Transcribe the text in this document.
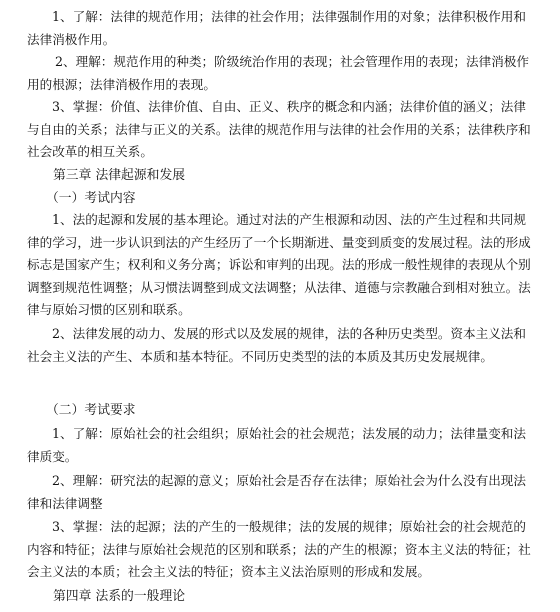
1、了解：法律的规范作用；法律的社会作用；法律强制作用的对象；法律积极作用和法律消极作用。

2、理解：规范作用的种类；阶级统治作用的表现；社会管理作用的表现；法律消极作用的根源；法律消极作用的表现。

3、掌握：价值、法律价值、自由、正义、秩序的概念和内涵；法律价值的涵义；法律与自由的关系；法律与正义的关系。法律的规范作用与法律的社会作用的关系；法律秩序和社会改革的相互关系。

第三章 法律起源和发展
（一）考试内容

1、法的起源和发展的基本理论。通过对法的产生根源和动因、法的产生过程和共同规律的学习，进一步认识到法的产生经历了一个长期渐进、量变到质变的发展过程。法的形成标志是国家产生；权利和义务分离；诉讼和审判的出现。法的形成一般性规律的表现从个别调整到规范性调整；从习惯法调整到成文法调整；从法律、道德与宗教融合到相对独立。法律与原始习惯的区别和联系。

2、法律发展的动力、发展的形式以及发展的规律，法的各种历史类型。资本主义法和社会主义法的产生、本质和基本特征。不同历史类型的法的本质及其历史发展规律。

（二）考试要求

1、了解：原始社会的社会组织；原始社会的社会规范；法发展的动力；法律量变和法律质变。

2、理解：研究法的起源的意义；原始社会是否存在法律；原始社会为什么没有出现法律和法律调整

3、掌握：法的起源；法的产生的一般规律；法的发展的规律；原始社会的社会规范的内容和特征；法律与原始社会规范的区别和联系；法的产生的根源；资本主义法的特征；社会主义法的本质；社会主义法的特征；资本主义法治原则的形成和发展。

第四章 法系的一般理论
